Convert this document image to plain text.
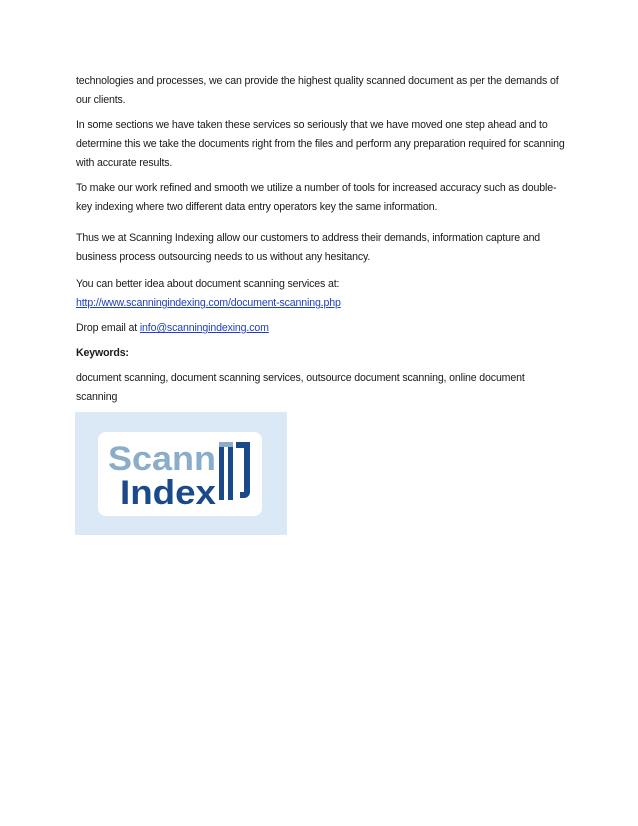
technologies and processes, we can provide the highest quality scanned document as per the demands of our clients.

In some sections we have taken these services so seriously that we have moved one step ahead and to determine this we take the documents right from the files and perform any preparation required for scanning with accurate results.

To make our work refined and smooth we utilize a number of tools for increased accuracy such as double-key indexing where two different data entry operators key the same information.

Thus we at Scanning Indexing allow our customers to address their demands, information capture and business process outsourcing needs to us without any hesitancy.

You can better idea about document scanning services at:
http://www.scanningindexing.com/document-scanning.php

Drop email at info@scanningindexing.com

Keywords:

document scanning, document scanning services, outsource document scanning, online document scanning

Scann
Index
